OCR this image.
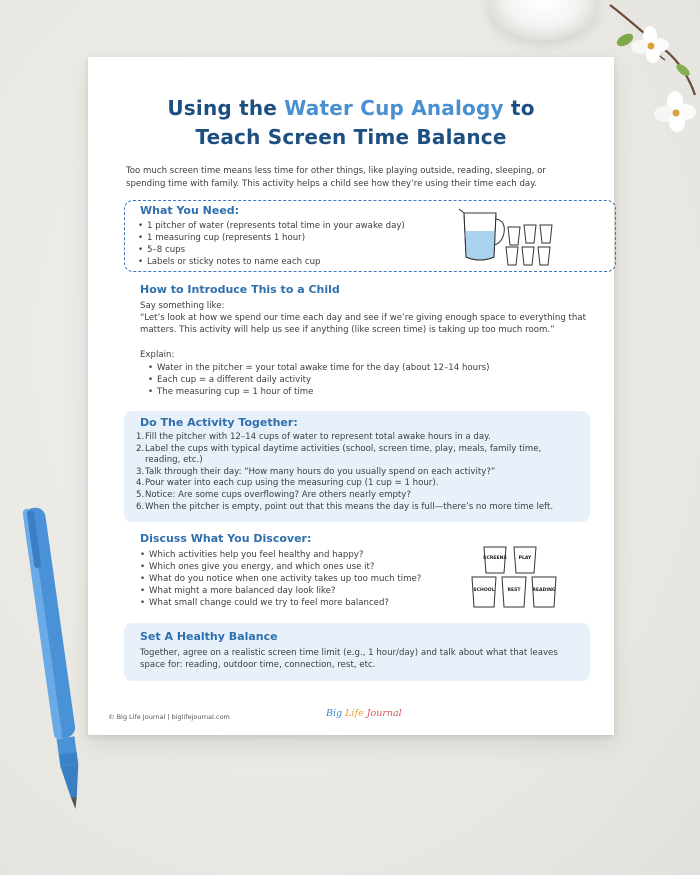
Using the Water Cup Analogy to
Teach Screen Time Balance
Too much screen time means less time for other things, like playing outside, reading, sleeping, or spending time with family. This activity helps a child see how they’re using their time each day.
What You Need:
• 1 pitcher of water (represents total time in your awake day)
• 1 measuring cup (represents 1 hour)
• 5–8 cups
• Labels or sticky notes to name each cup
How to Introduce This to a Child
Say something like:
“Let’s look at how we spend our time each day and see if we’re giving enough space to everything that matters. This activity will help us see if anything (like screen time) is taking up too much room.”
Explain:
• Water in the pitcher = your total awake time for the day (about 12–14 hours)
• Each cup = a different daily activity
• The measuring cup = 1 hour of time
Do The Activity Together:
1. Fill the pitcher with 12–14 cups of water to represent total awake hours in a day.
2. Label the cups with typical daytime activities (school, screen time, play, meals, family time, reading, etc.)
3. Talk through their day: “How many hours do you usually spend on each activity?”
4. Pour water into each cup using the measuring cup (1 cup = 1 hour).
5. Notice: Are some cups overflowing? Are others nearly empty?
6. When the pitcher is empty, point out that this means the day is full—there’s no more time left.
Discuss What You Discover:
• Which activities help you feel healthy and happy?
• Which ones give you energy, and which ones use it?
• What do you notice when one activity takes up too much time?
• What might a more balanced day look like?
• What small change could we try to feel more balanced?
SCREENS	PLAY
SCHOOL	REST	READING
Set A Healthy Balance
Together, agree on a realistic screen time limit (e.g., 1 hour/day) and talk about what that leaves space for: reading, outdoor time, connection, rest, etc.
© Big Life Journal | biglifejournal.com	Big Life Journal
